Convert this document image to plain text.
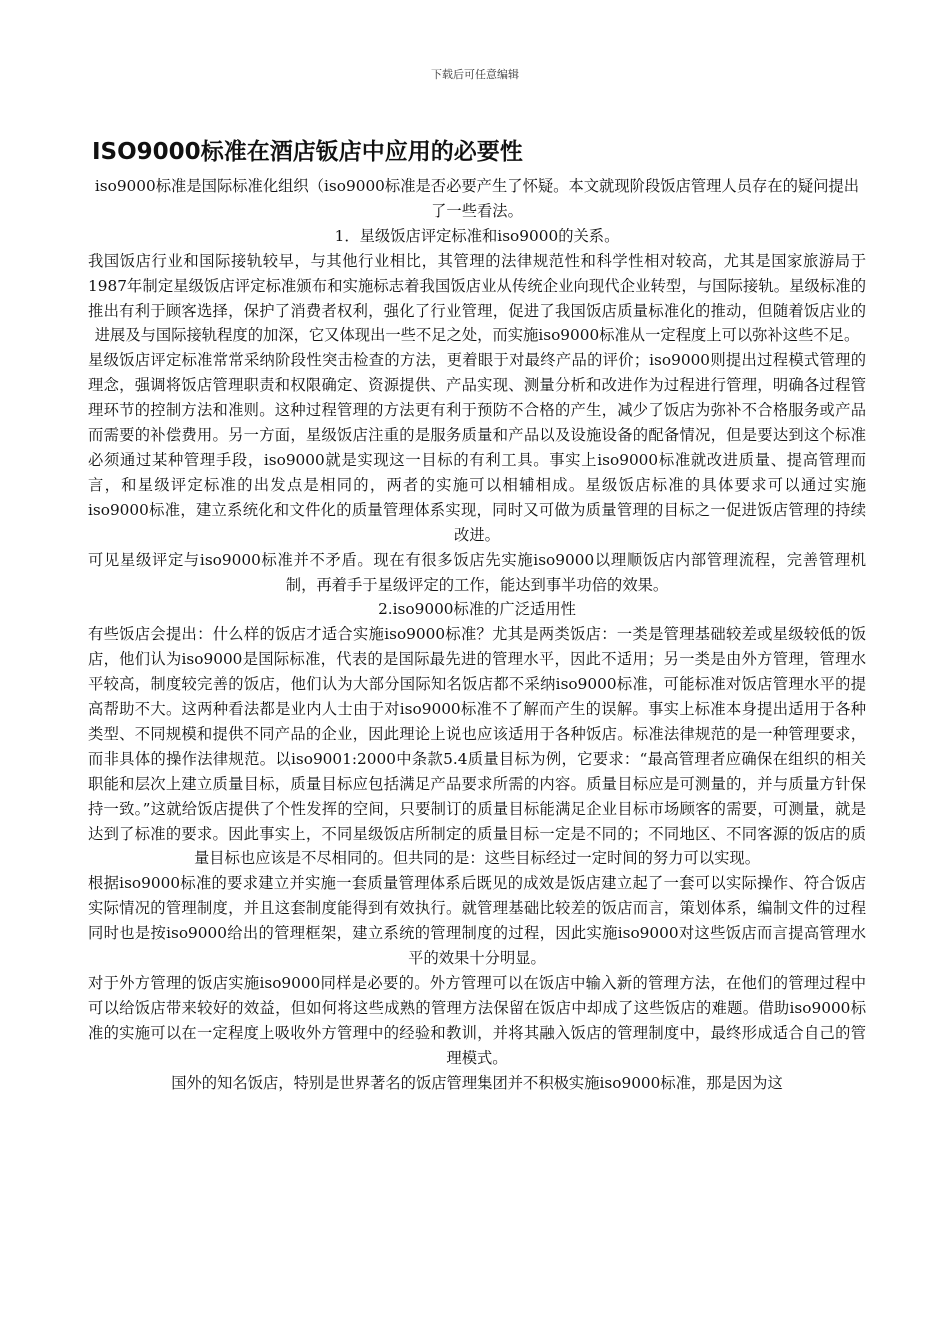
下载后可任意编辑
ISO9000标准在酒店钣店中应用的必要性

iso9000标准是国际标准化组织（iso9000标准是否必要产生了怀疑。本文就现阶段饭店管理人员存在的疑问提出了一些看法。

1．星级饭店评定标准和iso9000的关系。

我国饭店行业和国际接轨较早，与其他行业相比，其管理的法律规范性和科学性相对较高，尤其是国家旅游局于1987年制定星级饭店评定标准颁布和实施标志着我国饭店业从传统企业向现代企业转型，与国际接轨。星级标准的推出有利于顾客选择，保护了消费者权利，强化了行业管理，促进了我国饭店质量标准化的推动，但随着饭店业的进展及与国际接轨程度的加深，它又体现出一些不足之处，而实施iso9000标准从一定程度上可以弥补这些不足。

星级饭店评定标准常常采纳阶段性突击检查的方法，更着眼于对最终产品的评价；iso9000则提出过程模式管理的理念，强调将饭店管理职责和权限确定、资源提供、产品实现、测量分析和改进作为过程进行管理，明确各过程管理环节的控制方法和准则。这种过程管理的方法更有利于预防不合格的产生，减少了饭店为弥补不合格服务或产品而需要的补偿费用。另一方面，星级饭店注重的是服务质量和产品以及设施设备的配备情况，但是要达到这个标准必须通过某种管理手段，iso9000就是实现这一目标的有利工具。事实上iso9000标准就改进质量、提高管理而言，和星级评定标准的出发点是相同的，两者的实施可以相辅相成。星级饭店标准的具体要求可以通过实施iso9000标准，建立系统化和文件化的质量管理体系实现，同时又可做为质量管理的目标之一促进饭店管理的持续改进。

可见星级评定与iso9000标准并不矛盾。现在有很多饭店先实施iso9000以理顺饭店内部管理流程，完善管理机制，再着手于星级评定的工作，能达到事半功倍的效果。

2.iso9000标准的广泛适用性

有些饭店会提出：什么样的饭店才适合实施iso9000标准？尤其是两类饭店：一类是管理基础较差或星级较低的饭店，他们认为iso9000是国际标准，代表的是国际最先进的管理水平，因此不适用；另一类是由外方管理，管理水平较高，制度较完善的饭店，他们认为大部分国际知名饭店都不采纳iso9000标准，可能标准对饭店管理水平的提高帮助不大。这两种看法都是业内人士由于对iso9000标准不了解而产生的误解。事实上标准本身提出适用于各种类型、不同规模和提供不同产品的企业，因此理论上说也应该适用于各种饭店。标准法律规范的是一种管理要求，而非具体的操作法律规范。以iso9001:2000中条款5.4质量目标为例，它要求：“最高管理者应确保在组织的相关职能和层次上建立质量目标，质量目标应包括满足产品要求所需的内容。质量目标应是可测量的，并与质量方针保持一致。”这就给饭店提供了个性发挥的空间，只要制订的质量目标能满足企业目标市场顾客的需要，可测量，就是达到了标准的要求。因此事实上，不同星级饭店所制定的质量目标一定是不同的；不同地区、不同客源的饭店的质量目标也应该是不尽相同的。但共同的是：这些目标经过一定时间的努力可以实现。

根据iso9000标准的要求建立并实施一套质量管理体系后既见的成效是饭店建立起了一套可以实际操作、符合饭店实际情况的管理制度，并且这套制度能得到有效执行。就管理基础比较差的饭店而言，策划体系，编制文件的过程同时也是按iso9000给出的管理框架，建立系统的管理制度的过程，因此实施iso9000对这些饭店而言提高管理水平的效果十分明显。

对于外方管理的饭店实施iso9000同样是必要的。外方管理可以在饭店中输入新的管理方法，在他们的管理过程中可以给饭店带来较好的效益，但如何将这些成熟的管理方法保留在饭店中却成了这些饭店的难题。借助iso9000标准的实施可以在一定程度上吸收外方管理中的经验和教训，并将其融入饭店的管理制度中，最终形成适合自己的管理模式。

国外的知名饭店，特别是世界著名的饭店管理集团并不积极实施iso9000标准，那是因为这
